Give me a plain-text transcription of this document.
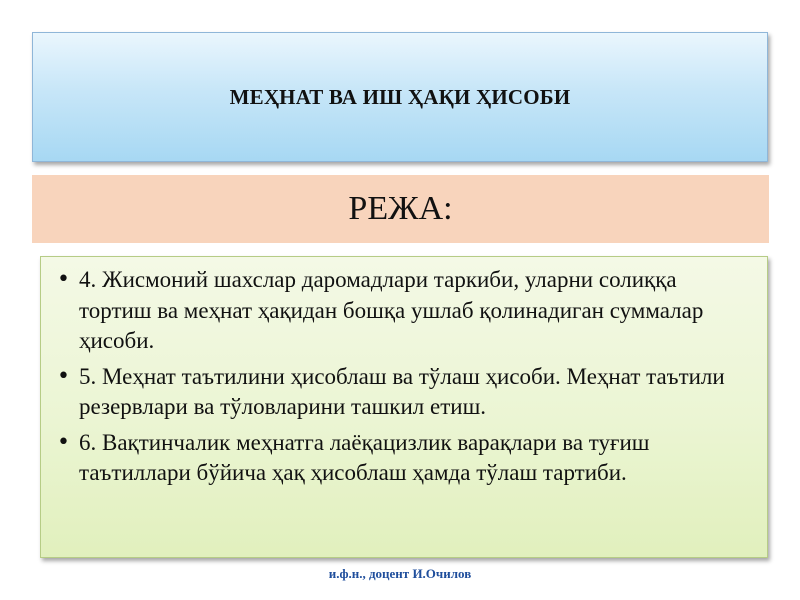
МЕҲНАТ ВА ИШ ҲАҚИ ҲИСОБИ
РЕЖА:
• 4. Жисмоний шахслар даромадлари таркиби, уларни солиққа тортиш ва меҳнат ҳақидан бошқа ушлаб қолинадиган суммалар ҳисоби.
• 5. Меҳнат таътилини ҳисоблаш ва тўлаш ҳисоби. Меҳнат таътили резервлари ва тўловларини ташкил етиш.
• 6. Вақтинчалик меҳнатга лаёқацизлик варақлари ва туғиш таътиллари бўйича ҳақ ҳисоблаш ҳамда тўлаш тартиби.
и.ф.н., доцент И.Очилов
